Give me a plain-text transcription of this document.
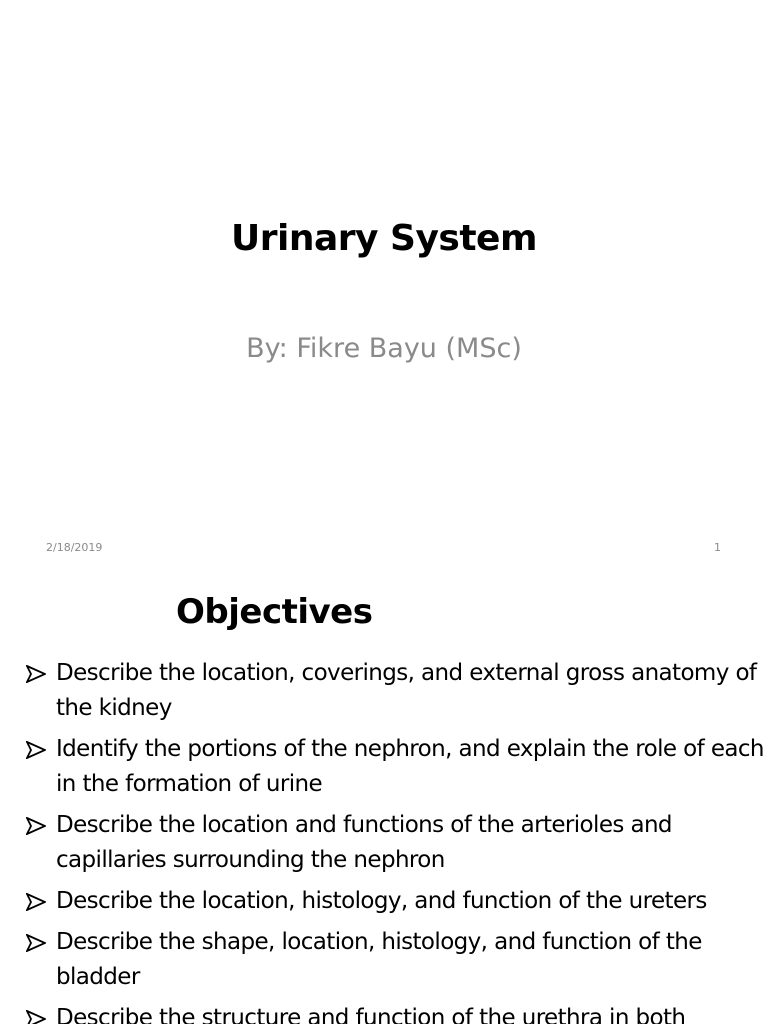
Urinary System
By: Fikre Bayu (MSc)
2/18/2019	1
Objectives
Describe the location, coverings, and external gross anatomy of the kidney
Identify the portions of the nephron, and explain the role of each in the formation of urine
Describe the location and functions of the arterioles and capillaries surrounding the nephron
Describe the location, histology, and function of the ureters
Describe the shape, location, histology, and function of the bladder
Describe the structure and function of the urethra in both
